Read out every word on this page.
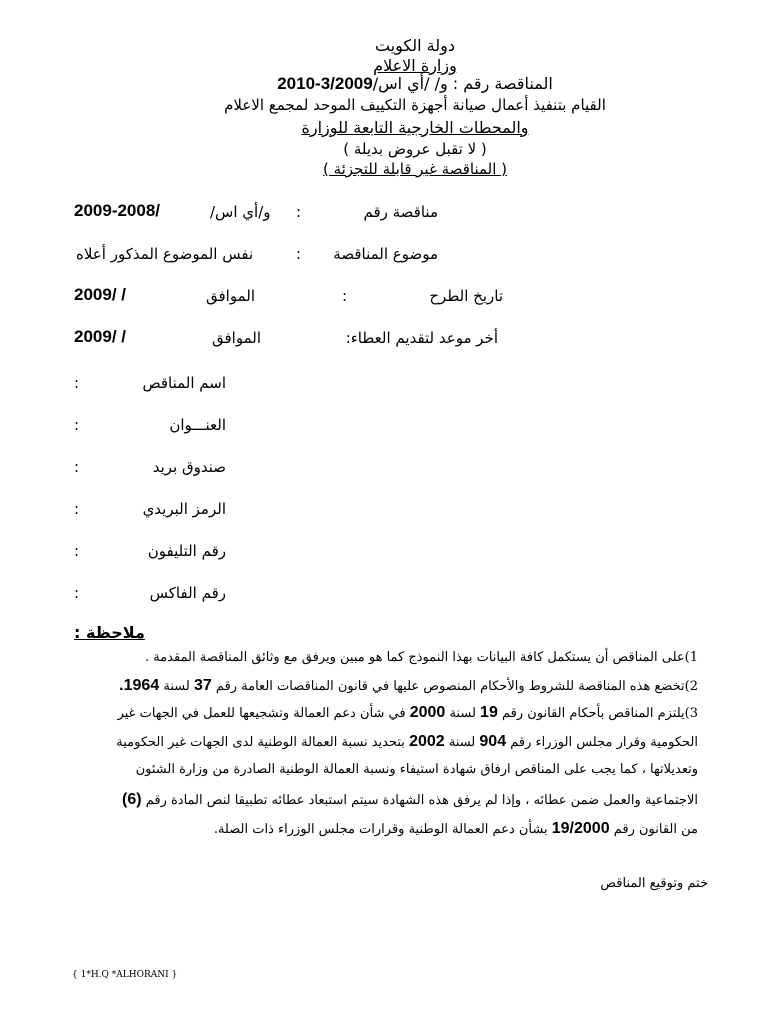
دولة الكويت
وزارة الاعلام
المناقصة رقم : و/ /أي اس/2010-3/2009
القيام بتنفيذ أعمال صيانة أجهزة التكييف الموحد لمجمع الاعلام
والمحطات الخارجية التابعة للوزارة
( لا تقبل عروض بديلة )
( المناقصة غير قابلة للتجزئة )
مناقصة رقم
:
و/أي اس/
2009-2008/
موضوع المناقصة
:
نفس الموضوع المذكور أعلاه
تاريخ الطرح
:
الموافق
2009/ /
أخر موعد لتقديم العطاء:
الموافق
2009/ /
اسم المناقص
:
العنـــوان
:
صندوق بريد
:
الرمز البريدي
:
رقم التليفون
:
رقم الفاكس
:
ملاحظة :
1)على المناقص أن يستكمل كافة البيانات بهذا النموذج كما هو مبين ويرفق مع وثائق المناقصة المقدمة .
2)تخضع هذه المناقصة للشروط والأحكام المنصوص عليها في قانون المناقصات العامة رقم 37 لسنة 1964.
3)يلتزم المناقص بأحكام القانون رقم 19 لسنة 2000 في شأن دعم العمالة وتشجيعها للعمل في الجهات غير
الحكومية وقرار مجلس الوزراء رقم 904 لسنة 2002 بتحديد نسبة العمالة الوطنية لدى الجهات غير الحكومية
وتعديلاتها ، كما يجب على المناقص ارفاق شهادة استيفاء ونسبة العمالة الوطنية الصادرة من وزارة الشئون
الاجتماعية والعمل ضمن عطائه ، وإذا لم يرفق هذه الشهادة سيتم استبعاد عطائه تطبيقا لنص المادة رقم (6)
من القانون رقم 19/2000 بشأن دعم العمالة الوطنية وقرارات مجلس الوزراء ذات الصلة.
ختم وتوقيع المناقص
{ 1*H.Q *ALHORANI }
